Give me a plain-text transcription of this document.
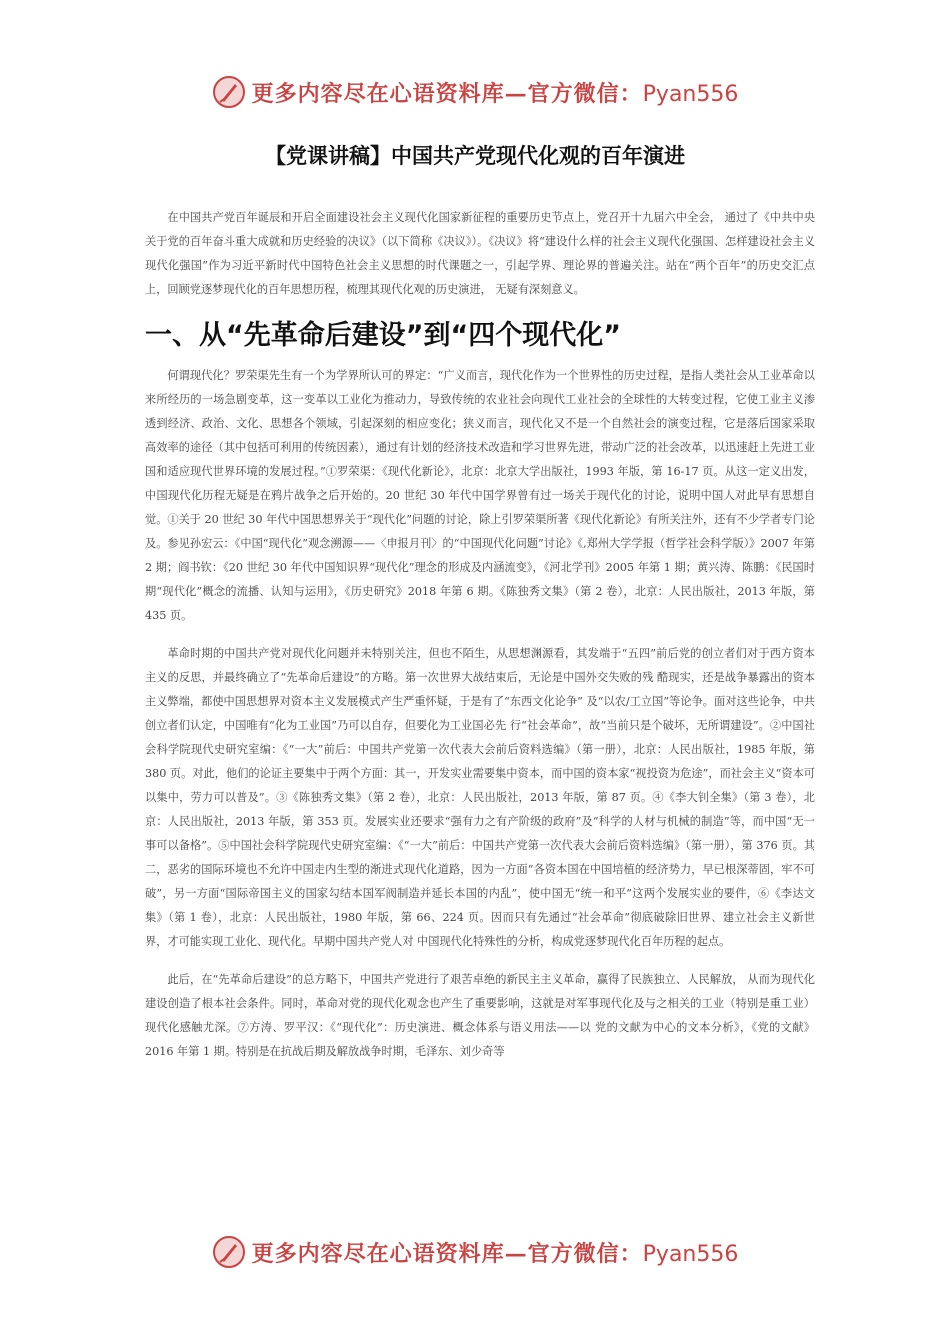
更多内容尽在心语资料库—官方微信：Pyan556
【党课讲稿】中国共产党现代化观的百年演进

在中国共产党百年诞辰和开启全面建设社会主义现代化国家新征程的重要历史节点上，党召开十九届六中全会， 通过了《中共中央关于党的百年奋斗重大成就和历史经验的决议》（以下简称《决议》）。《决议》将“建设什么样的社会主义现代化强国、怎样建设社会主义现代化强国”作为习近平新时代中国特色社会主义思想的时代课题之一，引起学界、理论界的普遍关注。站在“两个百年”的历史交汇点上，回顾党逐梦现代化的百年思想历程，梳理其现代化观的历史演进， 无疑有深刻意义。

一、从“先革命后建设”到“四个现代化”

何谓现代化？罗荣渠先生有一个为学界所认可的界定：“广义而言，现代化作为一个世界性的历史过程，是指人类社会从工业革命以来所经历的一场急剧变革，这一变革以工业化为推动力，导致传统的农业社会向现代工业社会的全球性的大转变过程，它使工业主义渗透到经济、政治、文化、思想各个领域，引起深刻的相应变化；狭义而言，现代化又不是一个自然社会的演变过程，它是落后国家采取高效率的途径（其中包括可利用的传统因素），通过有计划的经济技术改造和学习世界先进，带动广泛的社会改革，以迅速赶上先进工业国和适应现代世界环境的发展过程。”①罗荣渠：《现代化新论》，北京：北京大学出版社，1993 年版，第 16-17 页。从这一定义出发，中国现代化历程无疑是在鸦片战争之后开始的。20 世纪 30 年代中国学界曾有过一场关于现代化的讨论，说明中国人对此早有思想自觉。①关于 20 世纪 30 年代中国思想界关于“现代化”问题的讨论，除上引罗荣渠所著《现代化新论》有所关注外，还有不少学者专门论及。参见孙宏云：《中国“现代化”观念溯源——〈申报月刊〉的“中国现代化问题”讨论》《,郑州大学学报（哲学社会科学版）》2007 年第 2 期；阎书钦：《20 世纪 30 年代中国知识界“现代化”理念的形成及内涵流变》，《河北学刊》2005 年第 1 期；黄兴涛、陈鹏：《民国时期“现代化”概念的流播、认知与运用》，《历史研究》2018 年第 6 期。《陈独秀文集》（第 2 卷），北京：人民出版社，2013 年版，第 435 页。

革命时期的中国共产党对现代化问题并未特别关注，但也不陌生，从思想渊源看，其发端于“五四”前后党的创立者们对于西方资本主义的反思，并最终确立了“先革命后建设”的方略。第一次世界大战结束后，无论是中国外交失败的残 酷现实，还是战争暴露出的资本主义弊端，都使中国思想界对资本主义发展模式产生严重怀疑，于是有了“东西文化论争” 及“以农/工立国”等论争。面对这些论争，中共创立者们认定，中国唯有“化为工业国”乃可以自存，但要化为工业国必先 行“社会革命”，故“当前只是个破坏，无所谓建设”。②中国社会科学院现代史研究室编：《“一大”前后：中国共产党第一次代表大会前后资料选编》（第一册），北京：人民出版社，1985 年版，第 380 页。对此，他们的论证主要集中于两个方面：其一，开发实业需要集中资本，而中国的资本家“视投资为危途”，而社会主义“资本可以集中，劳力可以普及”。③《陈独秀文集》（第 2 卷），北京：人民出版社，2013 年版，第 87 页。④《李大钊全集》（第 3 卷），北京：人民出版社，2013 年版，第 353 页。发展实业还要求“强有力之有产阶级的政府”及“科学的人材与机械的制造”等，而中国“无一事可以备格”。⑤中国社会科学院现代史研究室编：《“一大”前后：中国共产党第一次代表大会前后资料选编》（第一册），第 376 页。其二，恶劣的国际环境也不允许中国走内生型的渐进式现代化道路，因为一方面“各资本国在中国培植的经济势力，早已根深蒂固，牢不可破”，另一方面“国际帝国主义的国家勾结本国军阀制造并延长本国的内乱”，使中国无“统一和平”这两个发展实业的要件，⑥《李达文集》（第 1 卷），北京：人民出版社，1980 年版，第 66、224 页。因而只有先通过“社会革命”彻底破除旧世界、建立社会主义新世界，才可能实现工业化、现代化。早期中国共产党人对 中国现代化特殊性的分析，构成党逐梦现代化百年历程的起点。

此后，在“先革命后建设”的总方略下，中国共产党进行了艰苦卓绝的新民主主义革命，赢得了民族独立、人民解放， 从而为现代化建设创造了根本社会条件。同时，革命对党的现代化观念也产生了重要影响，这就是对军事现代化及与之相关的工业（特别是重工业）现代化感触尤深。⑦方涛、罗平汉：《“现代化”：历史演进、概念体系与语义用法——以 党的文献为中心的文本分析》，《党的文献》2016 年第 1 期。特别是在抗战后期及解放战争时期，毛泽东、刘少奇等

更多内容尽在心语资料库—官方微信：Pyan556
